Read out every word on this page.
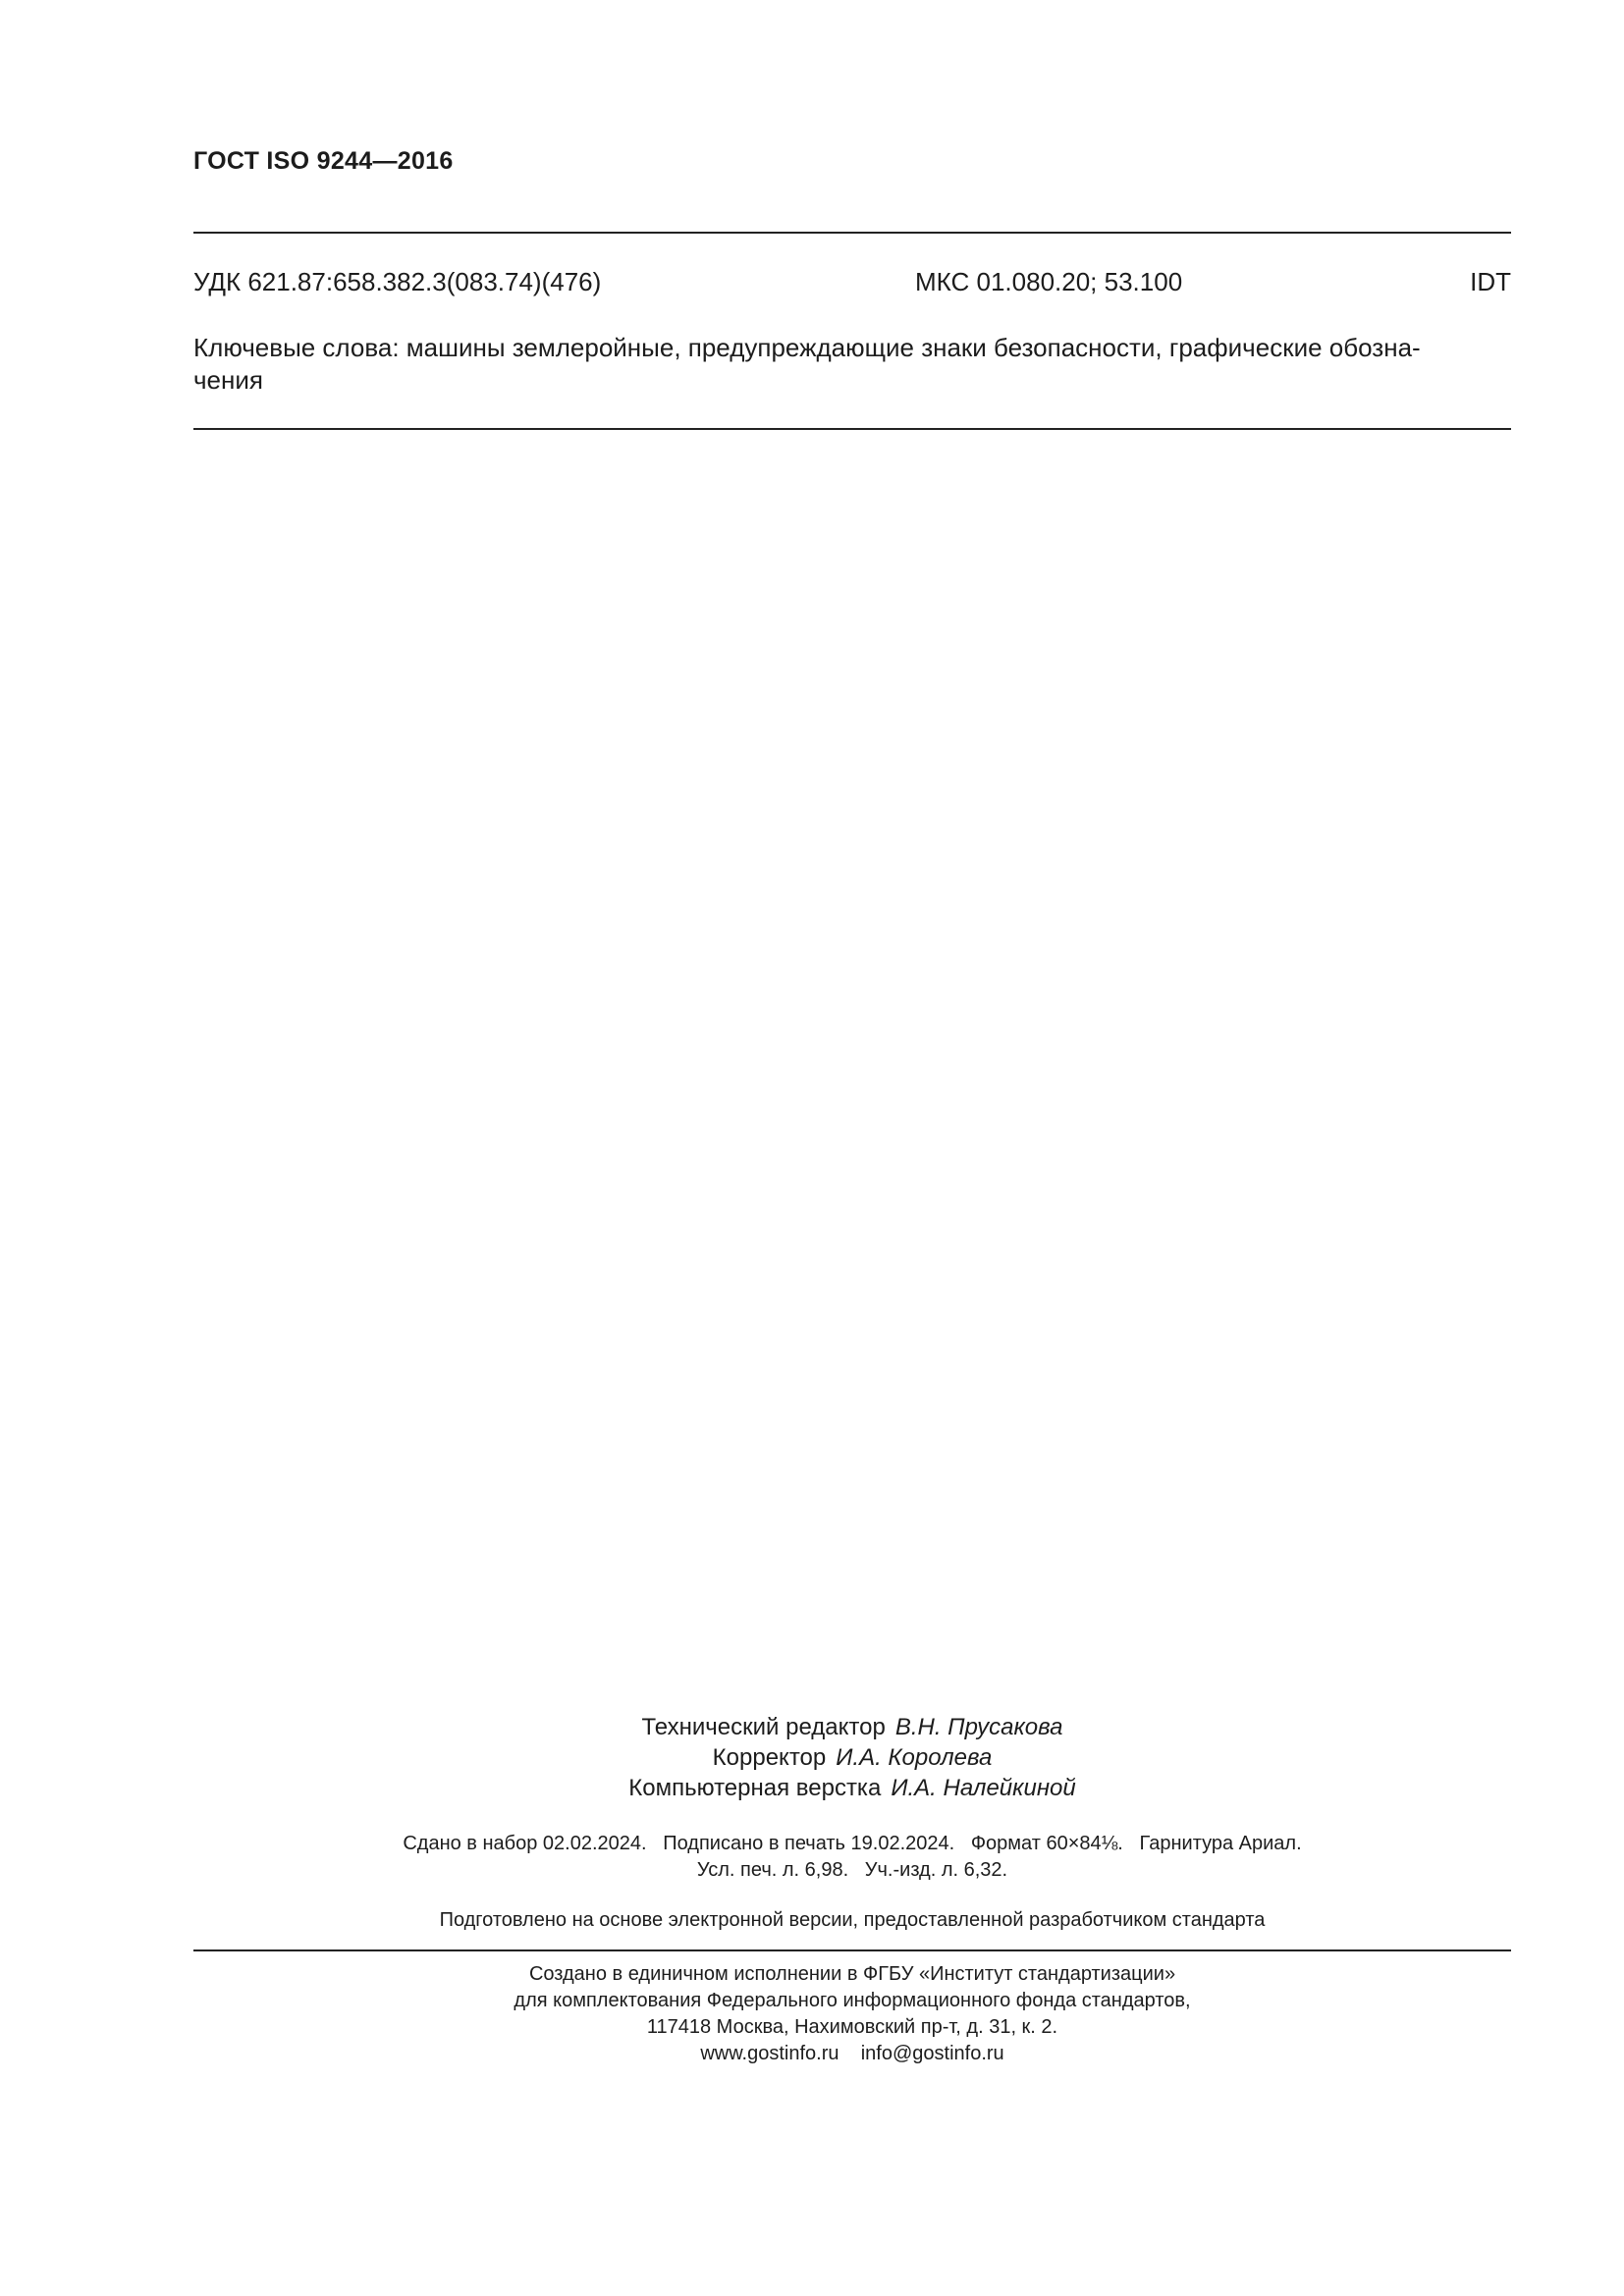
ГОСТ ISO 9244—2016
УДК 621.87:658.382.3(083.74)(476)	МКС 01.080.20; 53.100	IDT
Ключевые слова: машины землеройные, предупреждающие знаки безопасности, графические обозна-
чения
Технический редактор В.Н. Прусакова
Корректор И.А. Королева
Компьютерная верстка И.А. Налейкиной
Сдано в набор 02.02.2024.   Подписано в печать 19.02.2024.   Формат 60×84⅛.   Гарнитура Ариал.
Усл. печ. л. 6,98.   Уч.-изд. л. 6,32.
Подготовлено на основе электронной версии, предоставленной разработчиком стандарта
Создано в единичном исполнении в ФГБУ «Институт стандартизации»
для комплектования Федерального информационного фонда стандартов,
117418 Москва, Нахимовский пр-т, д. 31, к. 2.
www.gostinfo.ru    info@gostinfo.ru
